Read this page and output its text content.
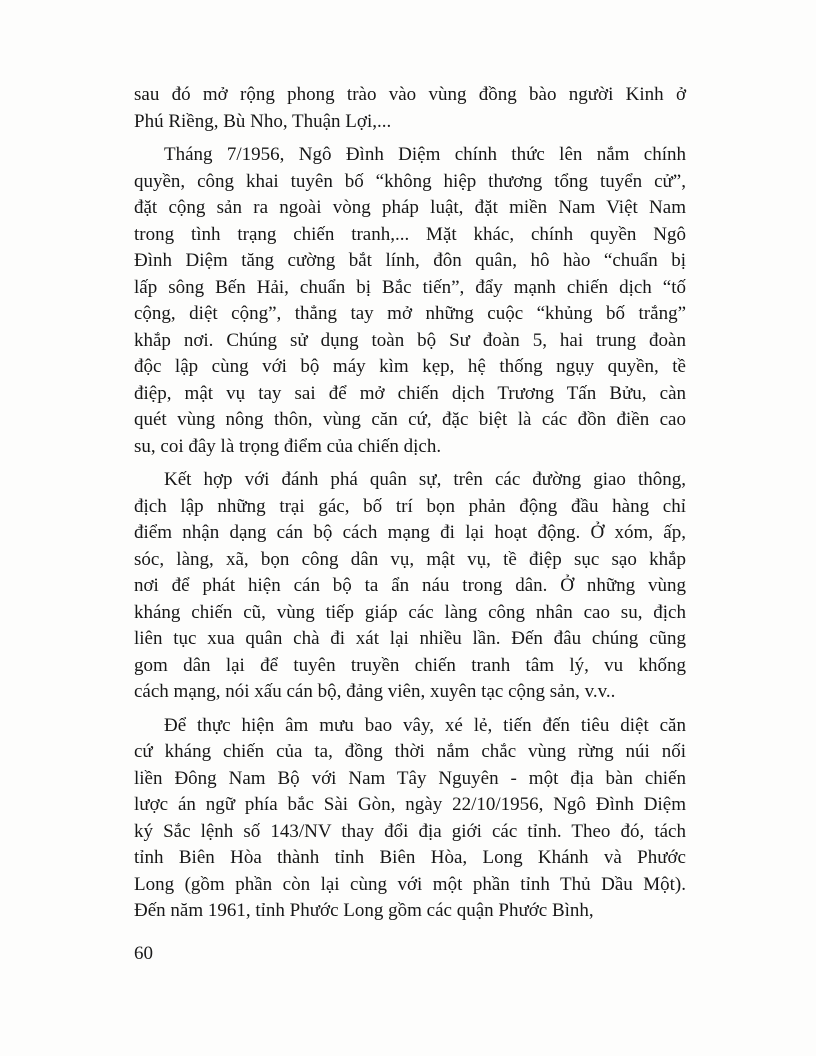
sau đó mở rộng phong trào vào vùng đồng bào người Kinh ở
Phú Riềng, Bù Nho, Thuận Lợi,...
Tháng 7/1956, Ngô Đình Diệm chính thức lên nắm chính
quyền, công khai tuyên bố “không hiệp thương tổng tuyển cử”,
đặt cộng sản ra ngoài vòng pháp luật, đặt miền Nam Việt Nam
trong tình trạng chiến tranh,... Mặt khác, chính quyền Ngô
Đình Diệm tăng cường bắt lính, đôn quân, hô hào “chuẩn bị
lấp sông Bến Hải, chuẩn bị Bắc tiến”, đẩy mạnh chiến dịch “tố
cộng, diệt cộng”, thẳng tay mở những cuộc “khủng bố trắng”
khắp nơi. Chúng sử dụng toàn bộ Sư đoàn 5, hai trung đoàn
độc lập cùng với bộ máy kìm kẹp, hệ thống ngụy quyền, tề
điệp, mật vụ tay sai để mở chiến dịch Trương Tấn Bửu, càn
quét vùng nông thôn, vùng căn cứ, đặc biệt là các đồn điền cao
su, coi đây là trọng điểm của chiến dịch.
Kết hợp với đánh phá quân sự, trên các đường giao thông,
địch lập những trại gác, bố trí bọn phản động đầu hàng chỉ
điểm nhận dạng cán bộ cách mạng đi lại hoạt động. Ở xóm, ấp,
sóc, làng, xã, bọn công dân vụ, mật vụ, tề điệp sục sạo khắp
nơi để phát hiện cán bộ ta ẩn náu trong dân. Ở những vùng
kháng chiến cũ, vùng tiếp giáp các làng công nhân cao su, địch
liên tục xua quân chà đi xát lại nhiều lần. Đến đâu chúng cũng
gom dân lại để tuyên truyền chiến tranh tâm lý, vu khống
cách mạng, nói xấu cán bộ, đảng viên, xuyên tạc cộng sản, v.v..
Để thực hiện âm mưu bao vây, xé lẻ, tiến đến tiêu diệt căn
cứ kháng chiến của ta, đồng thời nắm chắc vùng rừng núi nối
liền Đông Nam Bộ với Nam Tây Nguyên - một địa bàn chiến
lược án ngữ phía bắc Sài Gòn, ngày 22/10/1956, Ngô Đình Diệm
ký Sắc lệnh số 143/NV thay đổi địa giới các tỉnh. Theo đó, tách
tỉnh Biên Hòa thành tỉnh Biên Hòa, Long Khánh và Phước
Long (gồm phần còn lại cùng với một phần tỉnh Thủ Dầu Một).
Đến năm 1961, tỉnh Phước Long gồm các quận Phước Bình,
60
